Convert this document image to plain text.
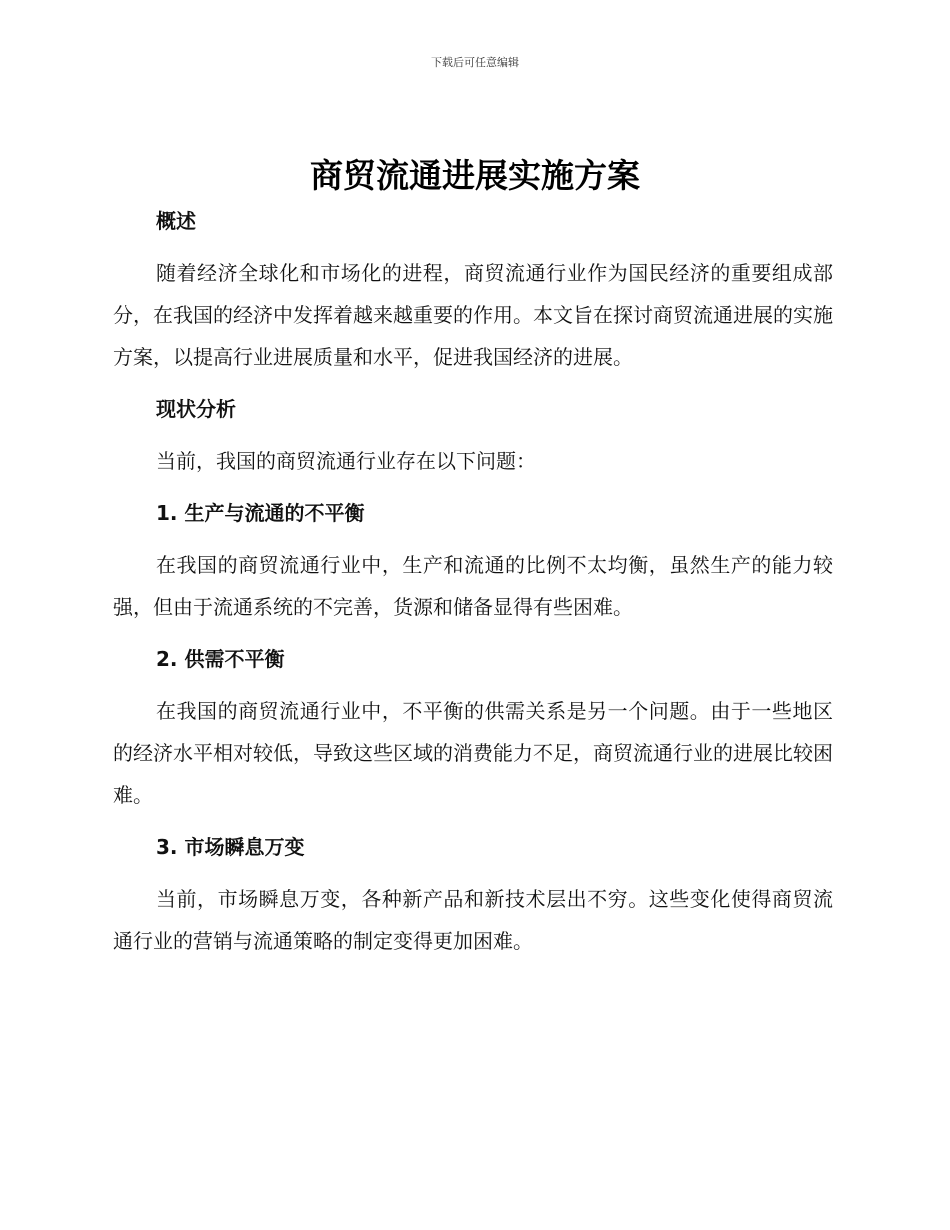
下载后可任意编辑
商贸流通进展实施方案

概述

随着经济全球化和市场化的进程，商贸流通行业作为国民经济的重要组成部分，在我国的经济中发挥着越来越重要的作用。本文旨在探讨商贸流通进展的实施方案，以提高行业进展质量和水平，促进我国经济的进展。

现状分析

当前，我国的商贸流通行业存在以下问题：

1. 生产与流通的不平衡

在我国的商贸流通行业中，生产和流通的比例不太均衡，虽然生产的能力较强，但由于流通系统的不完善，货源和储备显得有些困难。

2. 供需不平衡

在我国的商贸流通行业中，不平衡的供需关系是另一个问题。由于一些地区的经济水平相对较低，导致这些区域的消费能力不足，商贸流通行业的进展比较困难。

3. 市场瞬息万变

当前，市场瞬息万变，各种新产品和新技术层出不穷。这些变化使得商贸流通行业的营销与流通策略的制定变得更加困难。
